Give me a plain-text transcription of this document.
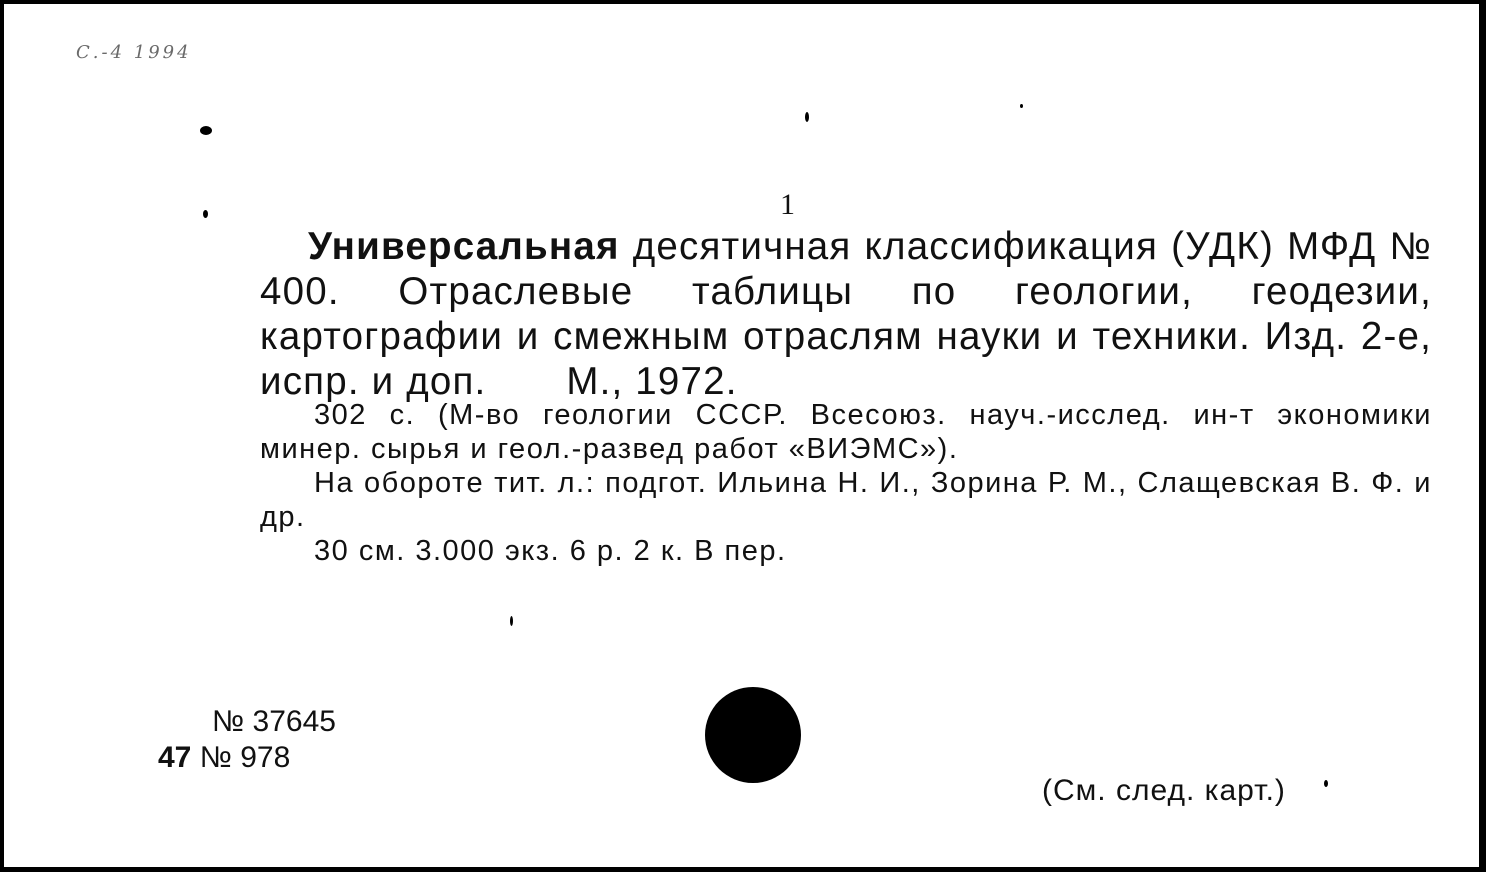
С.-4 1994
1
Универсальная десятичная классификация (УДК) МФД № 400. Отраслевые таблицы по геологии, геодезии, картографии и смежным отраслям науки и техники. Изд. 2-е, испр. и доп. М., 1972.

302 с. (М-во геологии СССР. Всесоюз. науч.-исслед. ин-т экономики минер. сырья и геол.-развед работ «ВИЭМС»).

На обороте тит. л.: подгот. Ильина Н. И., Зорина Р. М., Слащевская В. Ф. и др.

30 см. 3.000 экз. 6 р. 2 к. В пер.

№ 37645
47 № 978
(См. след. карт.)
